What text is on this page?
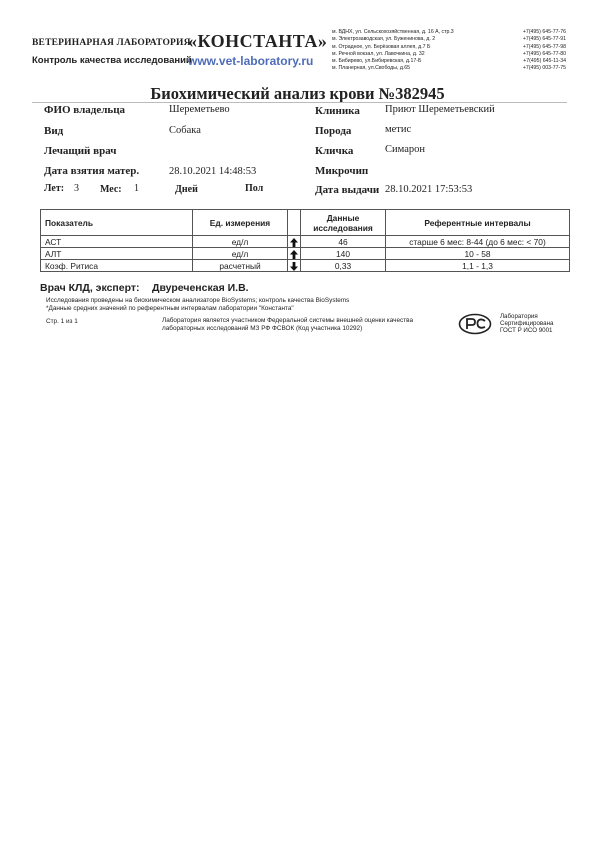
ВЕТЕРИНАРНАЯ ЛАБОРАТОРИЯ
«КОНСТАНТА»
Контроль качества исследований
www.vet-laboratory.ru
м. ВДНХ, ул. Сельскохозяйственная, д. 16 А, стр.3	+7(495) 645-77-76
м. Электрозаводская, ул. Буженинова, д. 2	+7(495) 645-77-91
м. Отрадное, ул. Берёзовая аллея, д.7 Б	+7(495) 645-77-98
м. Речной вокзал, ул. Лавочкина, д. 32	+7(495) 645-77-80
м. Бибирево, ул.Бибиревская, д.17-Б	+7(495) 645-11-34
м. Планерная, ул.Свободы, д.65	+7(495) 003-77-75
Биохимический анализ крови №382945
ФИО владельца	Шереметьево	Клиника Приют Шереметьевский
Вид	Собака	Порода	метис
Лечащий врач	Кличка	Симарон
Дата взятия матер.	28.10.2021 14:48:53	Микрочип
Лет: 3 Мес: 1	Дней	Пол	Дата выдачи 28.10.2021 17:53:53
Показатель	Ед. измерения		Данные исследования	Референтные интервалы
АСТ	ед/л		46	старше 6 мес: 8-44 (до 6 мес: < 70)
АЛТ	ед/л		140	10 - 58
Коэф. Ритиса	расчетный		0,33	1,1 - 1,3
Врач КЛД, эксперт: Двуреченская И.В.
Исследования проведены на биохимическом анализаторе BioSystems; контроль качества BioSystems
*Данные средних значений по референтным интервалам лаборатории "Константа"
Стр. 1 из 1	Лаборатория является участником Федеральной системы внешней оценки качества лабораторных исследований МЗ РФ ФСВОК (Код участника 10292)
Лаборатория
Сертифицирована
ГОСТ Р ИСО 9001
